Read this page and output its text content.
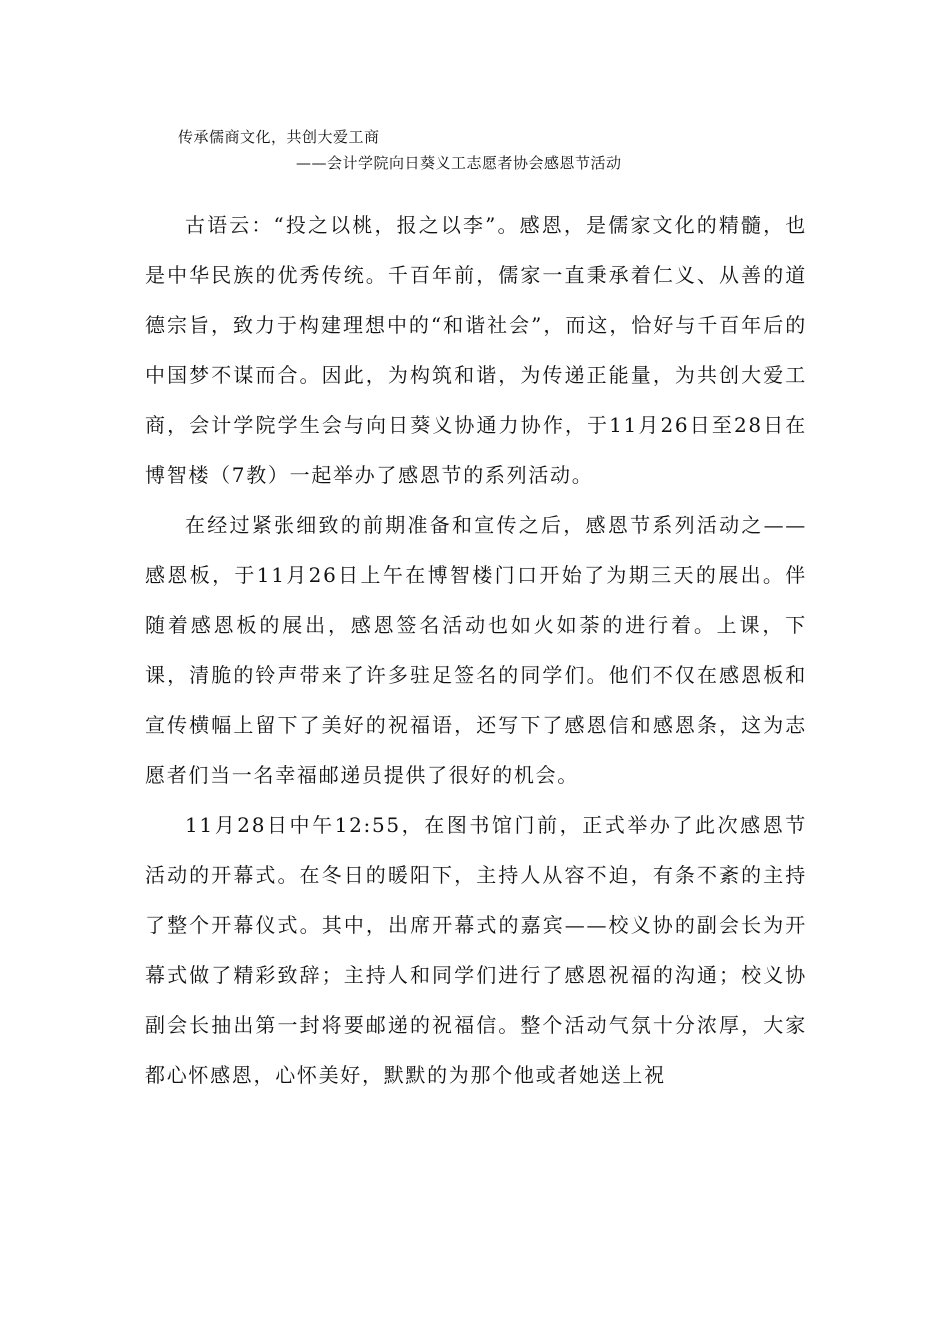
传承儒商文化，共创大爱工商
——会计学院向日葵义工志愿者协会感恩节活动

古语云：“投之以桃，报之以李”。感恩，是儒家文化的精髓，也是中华民族的优秀传统。千百年前，儒家一直秉承着仁义、从善的道德宗旨，致力于构建理想中的“和谐社会”，而这，恰好与千百年后的中国梦不谋而合。因此，为构筑和谐，为传递正能量，为共创大爱工商，会计学院学生会与向日葵义协通力协作，于11月26日至28日在博智楼（7教）一起举办了感恩节的系列活动。

在经过紧张细致的前期准备和宣传之后，感恩节系列活动之——感恩板，于11月26日上午在博智楼门口开始了为期三天的展出。伴随着感恩板的展出，感恩签名活动也如火如荼的进行着。上课，下课，清脆的铃声带来了许多驻足签名的同学们。他们不仅在感恩板和宣传横幅上留下了美好的祝福语，还写下了感恩信和感恩条，这为志愿者们当一名幸福邮递员提供了很好的机会。

11月28日中午12:55，在图书馆门前，正式举办了此次感恩节活动的开幕式。在冬日的暖阳下，主持人从容不迫，有条不紊的主持了整个开幕仪式。其中，出席开幕式的嘉宾——校义协的副会长为开幕式做了精彩致辞；主持人和同学们进行了感恩祝福的沟通；校义协副会长抽出第一封将要邮递的祝福信。整个活动气氛十分浓厚，大家都心怀感恩，心怀美好，默默的为那个他或者她送上祝
